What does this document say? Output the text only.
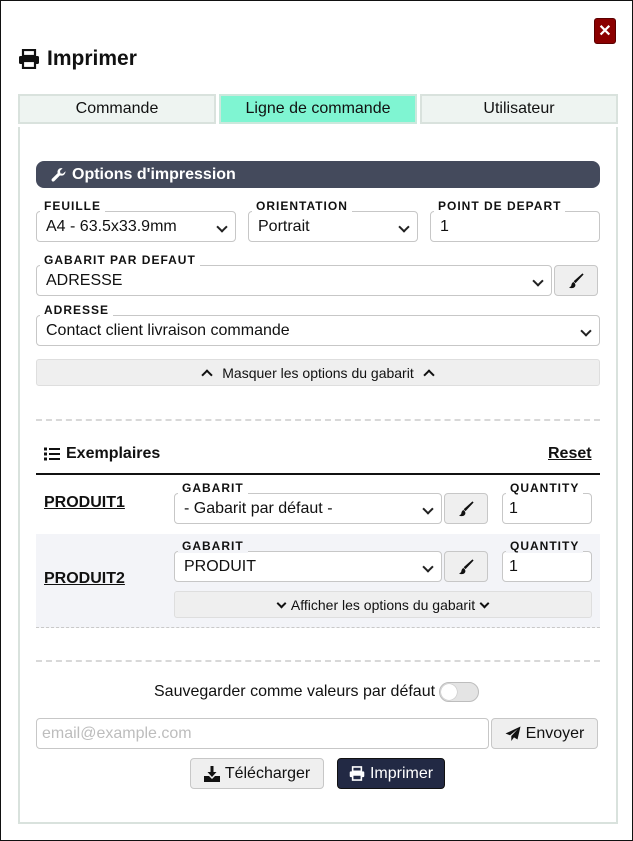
✕
Imprimer
Commande	Ligne de commande	Utilisateur
Options d'impression
FEUILLE
A4 - 63.5x33.9mm
ORIENTATION
Portrait
POINT DE DEPART
1
GABARIT PAR DEFAUT
ADRESSE
ADRESSE
Contact client livraison commande
Masquer les options du gabarit
Exemplaires	Reset
PRODUIT1
GABARIT
- Gabarit par défaut -
QUANTITY
1
PRODUIT2
GABARIT
PRODUIT
QUANTITY
1
Afficher les options du gabarit
Sauvegarder comme valeurs par défaut
email@example.com
Envoyer
Télécharger	Imprimer
